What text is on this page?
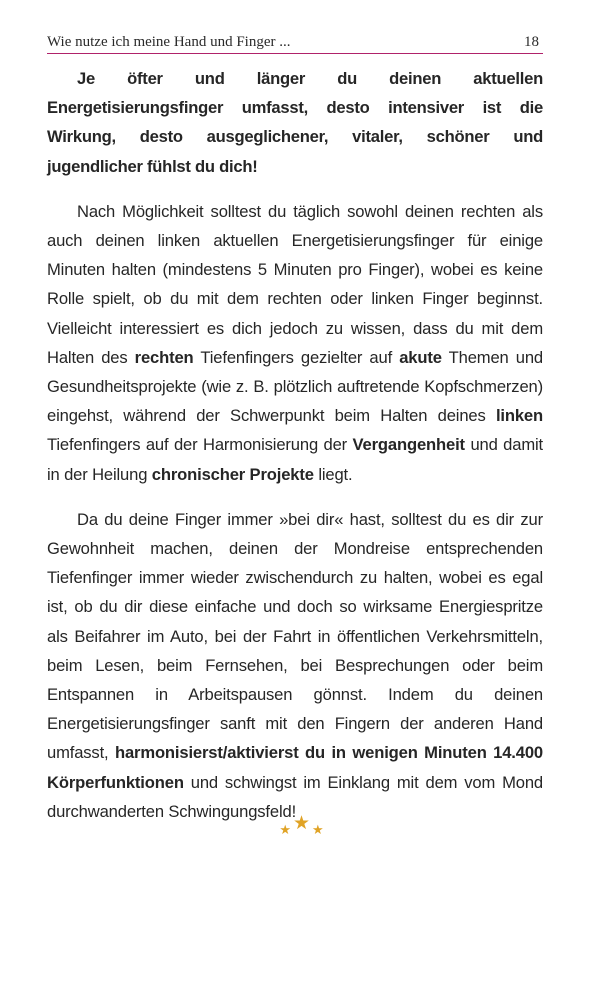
Wie nutze ich meine Hand und Finger ...	18

Je öfter und länger du deinen aktuellen Energetisierungsfinger umfasst, desto intensiver ist die Wirkung, desto ausgeglichener, vitaler, schöner und jugendlicher fühlst du dich!

Nach Möglichkeit solltest du täglich sowohl deinen rechten als auch deinen linken aktuellen Energetisierungsfinger für einige Minuten halten (mindestens 5 Minuten pro Finger), wobei es keine Rolle spielt, ob du mit dem rechten oder linken Finger beginnst. Vielleicht interessiert es dich jedoch zu wissen, dass du mit dem Halten des rechten Tiefenfingers gezielter auf akute Themen und Gesundheitsprojekte (wie z. B. plötzlich auftretende Kopfschmerzen) eingehst, während der Schwerpunkt beim Halten deines linken Tiefenfingers auf der Harmonisierung der Vergangenheit und damit in der Heilung chronischer Projekte liegt.

Da du deine Finger immer »bei dir« hast, solltest du es dir zur Gewohnheit machen, deinen der Mondreise entsprechenden Tiefenfinger immer wieder zwischendurch zu halten, wobei es egal ist, ob du dir diese einfache und doch so wirksame Energiespritze als Beifahrer im Auto, bei der Fahrt in öffentlichen Verkehrsmitteln, beim Lesen, beim Fernsehen, bei Besprechungen oder beim Entspannen in Arbeitspausen gönnst. Indem du deinen Energetisierungsfinger sanft mit den Fingern der anderen Hand umfasst, harmonisierst/aktivierst du in wenigen Minuten 14.400 Körperfunktionen und schwingst im Einklang mit dem vom Mond durchwanderten Schwingungsfeld!

★ ★ ★
